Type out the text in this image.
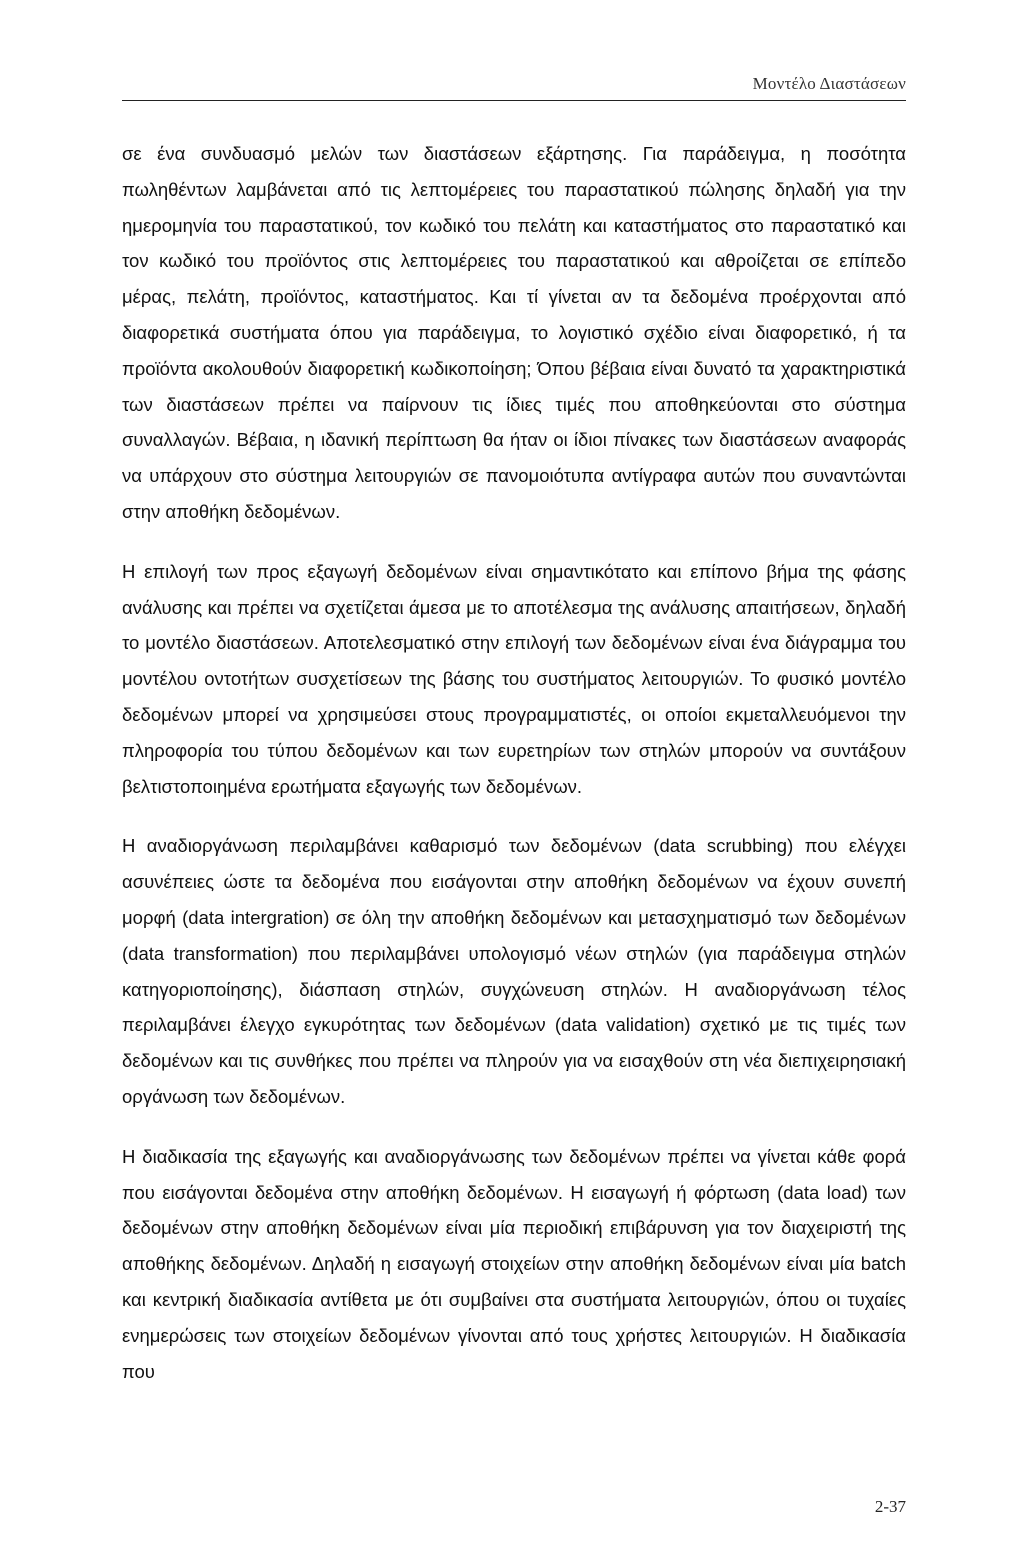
Μοντέλο Διαστάσεων

σε ένα συνδυασμό μελών των διαστάσεων εξάρτησης. Για παράδειγμα, η ποσότητα πωληθέντων λαμβάνεται από τις λεπτομέρειες του παραστατικού πώλησης δηλαδή για την ημερομηνία του παραστατικού, τον κωδικό του πελάτη και καταστήματος στο παραστατικό και τον κωδικό του προϊόντος στις λεπτομέρειες του παραστατικού και αθροίζεται σε επίπεδο μέρας, πελάτη, προϊόντος, καταστήματος. Και τί γίνεται αν τα δεδομένα προέρχονται από διαφορετικά συστήματα όπου για παράδειγμα, το λογιστικό σχέδιο είναι διαφορετικό, ή τα προϊόντα ακολουθούν διαφορετική κωδικοποίηση; Όπου βέβαια είναι δυνατό τα χαρακτηριστικά των διαστάσεων πρέπει να παίρνουν τις ίδιες τιμές που αποθηκεύονται στο σύστημα συναλλαγών. Βέβαια, η ιδανική περίπτωση θα ήταν οι ίδιοι πίνακες των διαστάσεων αναφοράς να υπάρχουν στο σύστημα λειτουργιών σε πανομοιότυπα αντίγραφα αυτών που συναντώνται στην αποθήκη δεδομένων.

Η επιλογή των προς εξαγωγή δεδομένων είναι σημαντικότατο και επίπονο βήμα της φάσης ανάλυσης και πρέπει να σχετίζεται άμεσα με το αποτέλεσμα της ανάλυσης απαιτήσεων, δηλαδή το μοντέλο διαστάσεων. Αποτελεσματικό στην επιλογή των δεδομένων είναι ένα διάγραμμα του μοντέλου οντοτήτων συσχετίσεων της βάσης του συστήματος λειτουργιών. Το φυσικό μοντέλο δεδομένων μπορεί να χρησιμεύσει στους προγραμματιστές, οι οποίοι εκμεταλλευόμενοι την πληροφορία του τύπου δεδομένων και των ευρετηρίων των στηλών μπορούν να συντάξουν βελτιστοποιημένα ερωτήματα εξαγωγής των δεδομένων.

Η αναδιοργάνωση περιλαμβάνει καθαρισμό των δεδομένων (data scrubbing) που ελέγχει ασυνέπειες ώστε τα δεδομένα που εισάγονται στην αποθήκη δεδομένων να έχουν συνεπή μορφή (data intergration) σε όλη την αποθήκη δεδομένων και μετασχηματισμό των δεδομένων (data transformation) που περιλαμβάνει υπολογισμό νέων στηλών (για παράδειγμα στηλών κατηγοριοποίησης), διάσπαση στηλών, συγχώνευση στηλών. Η αναδιοργάνωση τέλος περιλαμβάνει έλεγχο εγκυρότητας των δεδομένων (data validation) σχετικό με τις τιμές των δεδομένων και τις συνθήκες που πρέπει να πληρούν για να εισαχθούν στη νέα διεπιχειρησιακή οργάνωση των δεδομένων.

Η διαδικασία της εξαγωγής και αναδιοργάνωσης των δεδομένων πρέπει να γίνεται κάθε φορά που εισάγονται δεδομένα στην αποθήκη δεδομένων. Η εισαγωγή ή φόρτωση (data load) των δεδομένων στην αποθήκη δεδομένων είναι μία περιοδική επιβάρυνση για τον διαχειριστή της αποθήκης δεδομένων. Δηλαδή η εισαγωγή στοιχείων στην αποθήκη δεδομένων είναι μία batch και κεντρική διαδικασία αντίθετα με ότι συμβαίνει στα συστήματα λειτουργιών, όπου οι τυχαίες ενημερώσεις των στοιχείων δεδομένων γίνονται από τους χρήστες λειτουργιών. Η διαδικασία που

2-37
